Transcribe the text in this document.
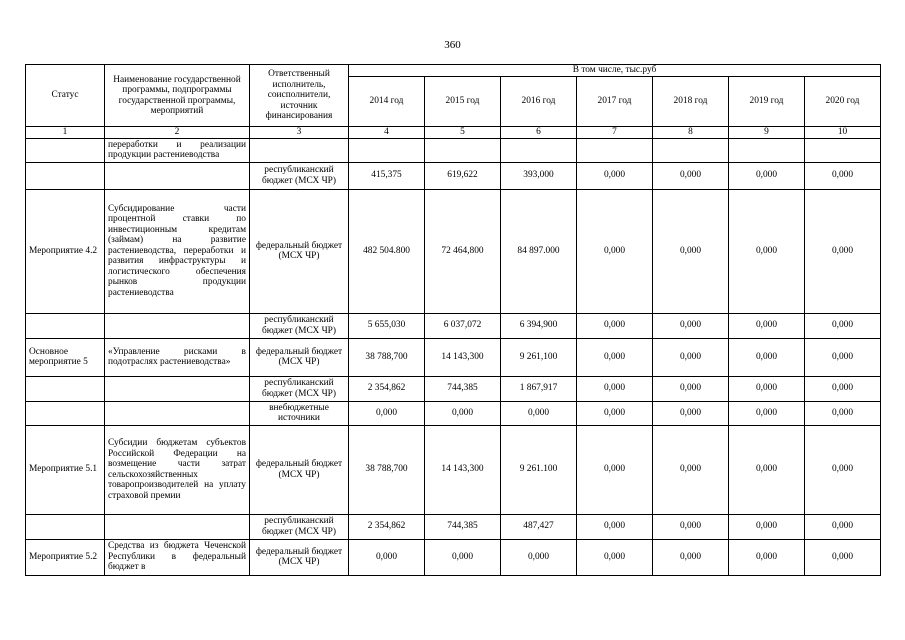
360
Статус	Наименование государственной программы, подпрограммы государственной программы, мероприятий	Ответственный исполнитель, соисполнители, источник финансирования	В том числе, тыс.руб						
			2014 год	2015 год	2016 год	2017 год	2018 год	2019 год	2020 год
1	2	3	4	5	6	7	8	9	10
	переработки и реализации продукции растениеводства								
		республиканский бюджет (МСХ ЧР)	415,375	619,622	393,000	0,000	0,000	0,000	0,000
Мероприятие 4.2	Субсидирование части процентной ставки по инвестиционным кредитам (займам) на развитие растениеводства, переработки и развития инфраструктуры и логистического обеспечения рынков продукции растениеводства	федеральный бюджет (МСХ ЧР)	482 504.800	72 464,800	84 897.000	0,000	0,000	0,000	0,000
		республиканский бюджет (МСХ ЧР)	5 655,030	6 037,072	6 394,900	0,000	0,000	0,000	0,000
Основное мероприятие 5	«Управление рисками в подотраслях растениеводства»	федеральный бюджет (МСХ ЧР)	38 788,700	14 143,300	9 261,100	0,000	0,000	0,000	0,000
		республиканский бюджет (МСХ ЧР)	2 354,862	744,385	1 867,917	0,000	0,000	0,000	0,000
		внебюджетные источники	0,000	0,000	0,000	0,000	0,000	0,000	0,000
Мероприятие 5.1	Субсидии бюджетам субъектов Российской Федерации на возмещение части затрат сельскохозяйственных товаропроизводителей на уплату страховой премии	федеральный бюджет (МСХ ЧР)	38 788,700	14 143,300	9 261.100	0,000	0,000	0,000	0,000
		республиканский бюджет (МСХ ЧР)	2 354,862	744,385	487,427	0,000	0,000	0,000	0,000
Мероприятие 5.2	Средства из бюджета Чеченской Республики в федеральный бюджет в	федеральный бюджет (МСХ ЧР)	0,000	0,000	0,000	0,000	0,000	0,000	0,000
